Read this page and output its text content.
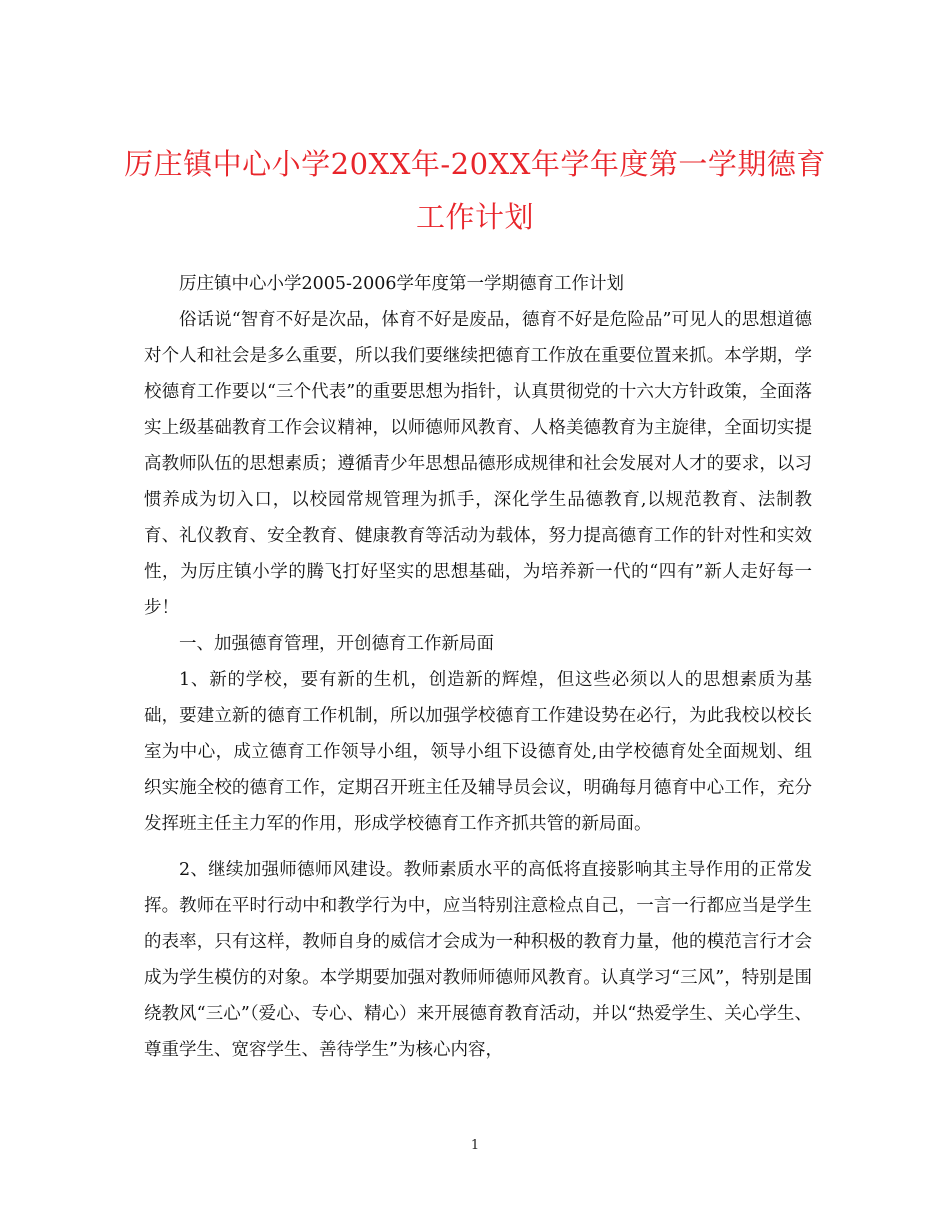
厉庄镇中心小学20XX年-20XX年学年度第一学期德育工作计划

厉庄镇中心小学2005-2006学年度第一学期德育工作计划

俗话说“智育不好是次品，体育不好是废品，德育不好是危险品”可见人的思想道德对个人和社会是多么重要，所以我们要继续把德育工作放在重要位置来抓。本学期，学校德育工作要以“三个代表”的重要思想为指针，认真贯彻党的十六大方针政策，全面落实上级基础教育工作会议精神，以师德师风教育、人格美德教育为主旋律，全面切实提高教师队伍的思想素质；遵循青少年思想品德形成规律和社会发展对人才的要求，以习惯养成为切入口，以校园常规管理为抓手，深化学生品德教育,以规范教育、法制教育、礼仪教育、安全教育、健康教育等活动为载体，努力提高德育工作的针对性和实效性，为厉庄镇小学的腾飞打好坚实的思想基础，为培养新一代的“四有”新人走好每一步！

一、加强德育管理，开创德育工作新局面

1、新的学校，要有新的生机，创造新的辉煌，但这些必须以人的思想素质为基础，要建立新的德育工作机制，所以加强学校德育工作建设势在必行，为此我校以校长室为中心，成立德育工作领导小组，领导小组下设德育处,由学校德育处全面规划、组织实施全校的德育工作，定期召开班主任及辅导员会议，明确每月德育中心工作，充分发挥班主任主力军的作用，形成学校德育工作齐抓共管的新局面。

2、继续加强师德师风建设。教师素质水平的高低将直接影响其主导作用的正常发挥。教师在平时行动中和教学行为中，应当特别注意检点自己，一言一行都应当是学生的表率，只有这样，教师自身的威信才会成为一种积极的教育力量，他的模范言行才会成为学生模仿的对象。本学期要加强对教师师德师风教育。认真学习“三风”，特别是围绕教风“三心”（爱心、专心、精心）来开展德育教育活动，并以“热爱学生、关心学生、尊重学生、宽容学生、善待学生”为核心内容，

1
